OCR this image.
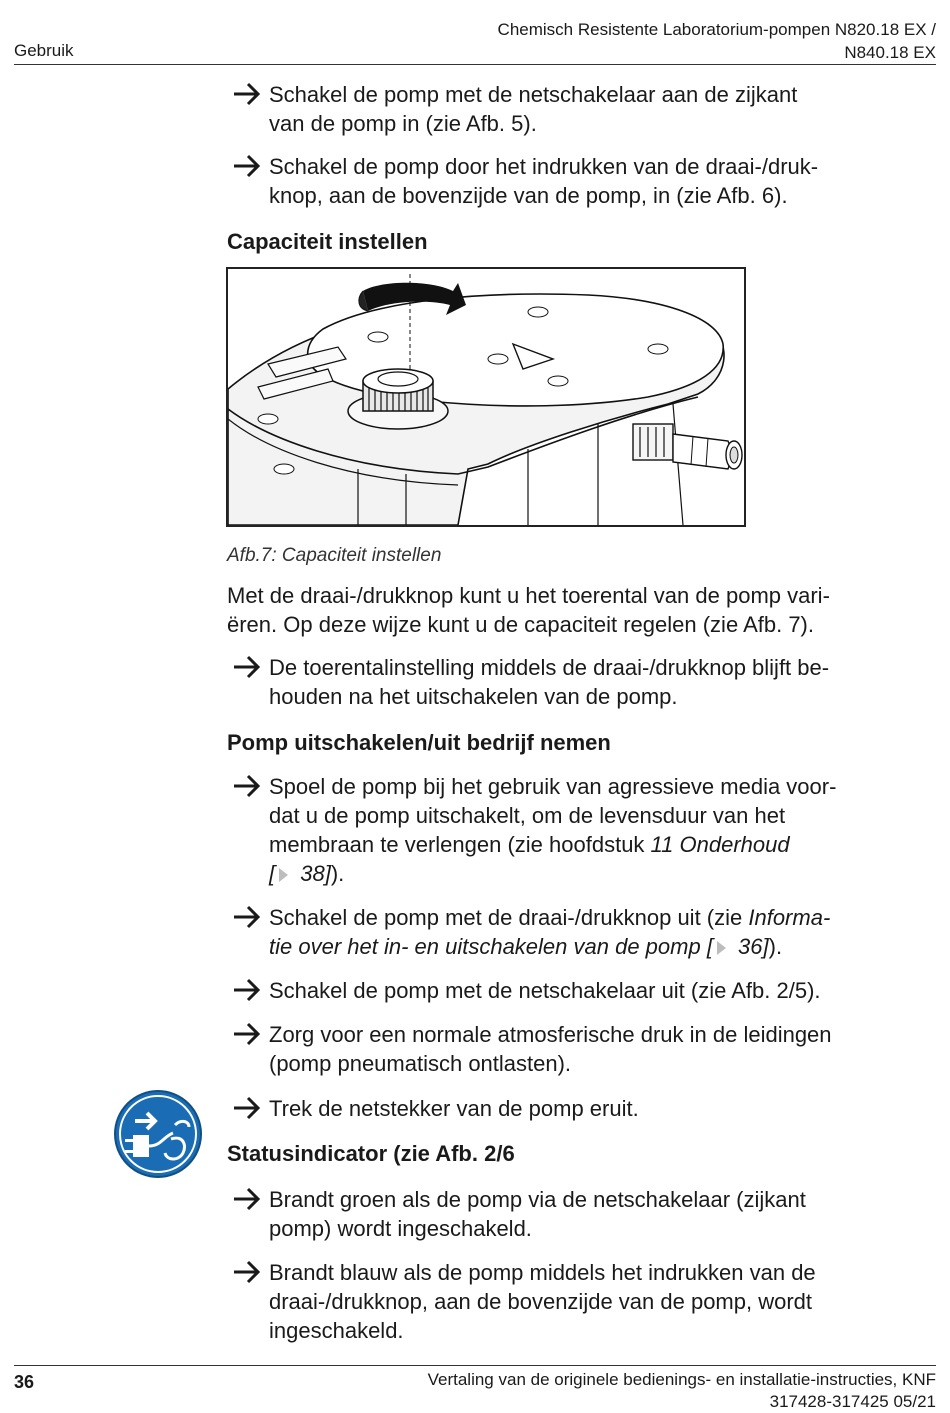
Gebruik
Chemisch Resistente Laboratorium-pompen N820.18 EX /
N840.18 EX
Schakel de pomp met de netschakelaar aan de zijkant
van de pomp in (zie Afb. 5).
Schakel de pomp door het indrukken van de draai-/druk-
knop, aan de bovenzijde van de pomp, in (zie Afb. 6).
Capaciteit instellen
Afb.7: Capaciteit instellen
Met de draai-/drukknop kunt u het toerental van de pomp vari-
ëren. Op deze wijze kunt u de capaciteit regelen (zie Afb. 7).
De toerentalinstelling middels de draai-/drukknop blijft be-
houden na het uitschakelen van de pomp.
Pomp uitschakelen/uit bedrijf nemen
Spoel de pomp bij het gebruik van agressieve media voor-
dat u de pomp uitschakelt, om de levensduur van het
membraan te verlengen (zie hoofdstuk 11 Onderhoud
[ 38]).
Schakel de pomp met de draai-/drukknop uit (zie Informa-
tie over het in- en uitschakelen van de pomp [ 36]).
Schakel de pomp met de netschakelaar uit (zie Afb. 2/5).
Zorg voor een normale atmosferische druk in de leidingen
(pomp pneumatisch ontlasten).
Trek de netstekker van de pomp eruit.
Statusindicator (zie Afb. 2/6
Brandt groen als de pomp via de netschakelaar (zijkant
pomp) wordt ingeschakeld.
Brandt blauw als de pomp middels het indrukken van de
draai-/drukknop, aan de bovenzijde van de pomp, wordt
ingeschakeld.
36	Vertaling van de originele bedienings- en installatie-instructies, KNF
317428-317425 05/21
